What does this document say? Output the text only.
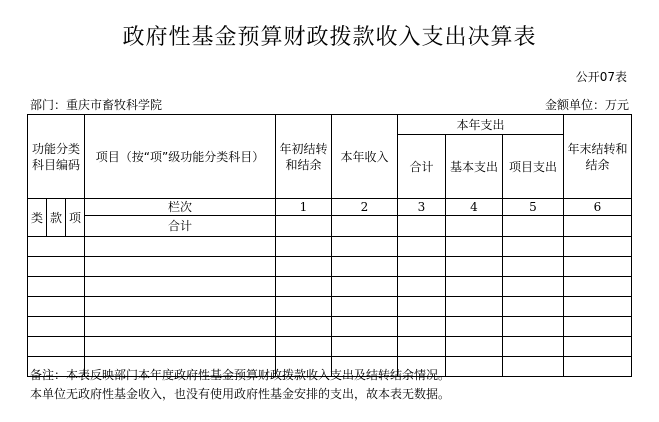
政府性基金预算财政拨款收入支出决算表
公开07表
部门：重庆市畜牧科学院	金额单位：万元
功能分类科目编码			项目（按“项”级功能分类科目）	年初结转和结余	本年收入	本年支出			年末结转和结余
						合计	基本支出	项目支出	

类	款	项	栏次	1	2	3	4	5	6
			合计						

备注：本表反映部门本年度政府性基金预算财政拨款收入支出及结转结余情况。
本单位无政府性基金收入，也没有使用政府性基金安排的支出，故本表无数据。
